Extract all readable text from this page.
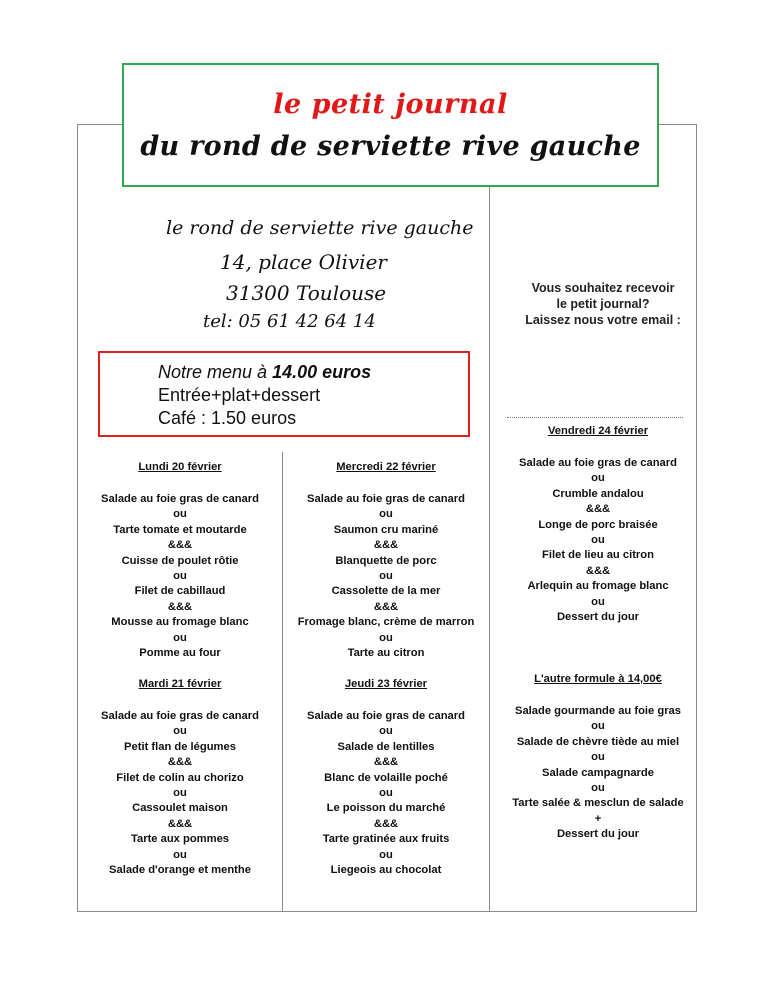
le petit journal
du rond de serviette rive gauche
le rond de serviette rive gauche
14, place Olivier
31300 Toulouse
tel: 05 61 42 64 14
Notre menu à 14.00 euros
Entrée+plat+dessert
Café : 1.50 euros
Vous souhaitez recevoir
le petit journal?
Laissez nous votre email :
Lundi 20 février
Salade au foie gras de canard
ou
Tarte tomate et moutarde
&&&
Cuisse de poulet rôtie
ou
Filet de cabillaud
&&&
Mousse au fromage blanc
ou
Pomme au four
Mercredi 22 février
Salade au foie gras de canard
ou
Saumon cru mariné
&&&
Blanquette de porc
ou
Cassolette de la mer
&&&
Fromage blanc, crème de marron
ou
Tarte au citron
Vendredi 24 février
Salade au foie gras de canard
ou
Crumble andalou
&&&
Longe de porc braisée
ou
Filet de lieu au citron
&&&
Arlequin au fromage blanc
ou
Dessert du jour
Mardi 21 février
Salade au foie gras de canard
ou
Petit flan de légumes
&&&
Filet de colin au chorizo
ou
Cassoulet maison
&&&
Tarte aux pommes
ou
Salade d'orange et menthe
Jeudi 23 février
Salade au foie gras de canard
ou
Salade de lentilles
&&&
Blanc de volaille poché
ou
Le poisson du marché
&&&
Tarte gratinée aux fruits
ou
Liegeois au chocolat
L'autre formule à 14,00€
Salade gourmande au foie gras
ou
Salade de chèvre tiède au miel
ou
Salade campagnarde
ou
Tarte salée & mesclun de salade
+
Dessert du jour
